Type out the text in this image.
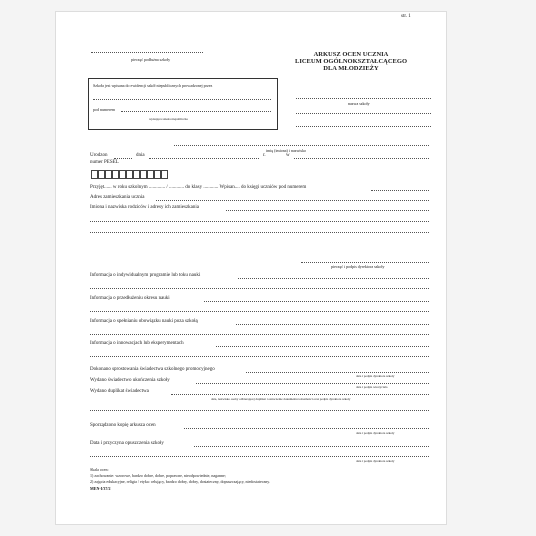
str. 1
pieczęć podłużna szkoły
ARKUSZ OCEN UCZNIA
LICEUM OGÓLNOKSZTAŁCĄCEGO
DLA MŁODZIEŻY
Szkoła jest wpisana do ewidencji szkół niepublicznych prowadzonej przez
pod numerem
wpisująca szkoła niepubliczna
nazwa szkoły
imię (imiona) i nazwisko
Urodzon	dnia	r.	w
numer PESEL
Przyjęt...... w roku szkolnym ............. / ............ do klasy ............ Wpisan.... do księgi uczniów pod numerem
Adres zamieszkania ucznia
Imiona i nazwiska rodziców i adresy ich zamieszkania
pieczęć i podpis dyrektora szkoły
Informacja o indywidualnym programie lub toku nauki
Informacja o przedłużeniu okresu nauki
Informacja o spełnianiu obowiązku nauki poza szkołą
Informacja o innowacjach lub eksperymentach
Dokonano sprostowania świadectwa szkolnego promocyjnego
data i podpis dyrektora szkoły
Wydano świadectwo ukończenia szkoły
data i podpis wuczyciela
Wydano duplikat świadectwa
data, nazwisko osoby odbierającej duplikat i oznaczenie dokumentu tożsamości oraz podpis dyrektora szkoły
Sporządzono kopię arkusza ocen
data i podpis dyrektora szkoły
Data i przyczyna opuszczenia szkoły
data i podpis dyrektora szkoły
Skala ocen:
1) zachowanie: wzorowe, bardzo dobre, dobre, poprawne, nieodpowiednie, naganne;
2) zajęcia edukacyjne, religia / etyka: celujący, bardzo dobry, dobry, dostateczny, dopuszczający, niedostateczny.
MEN-I/37/2
